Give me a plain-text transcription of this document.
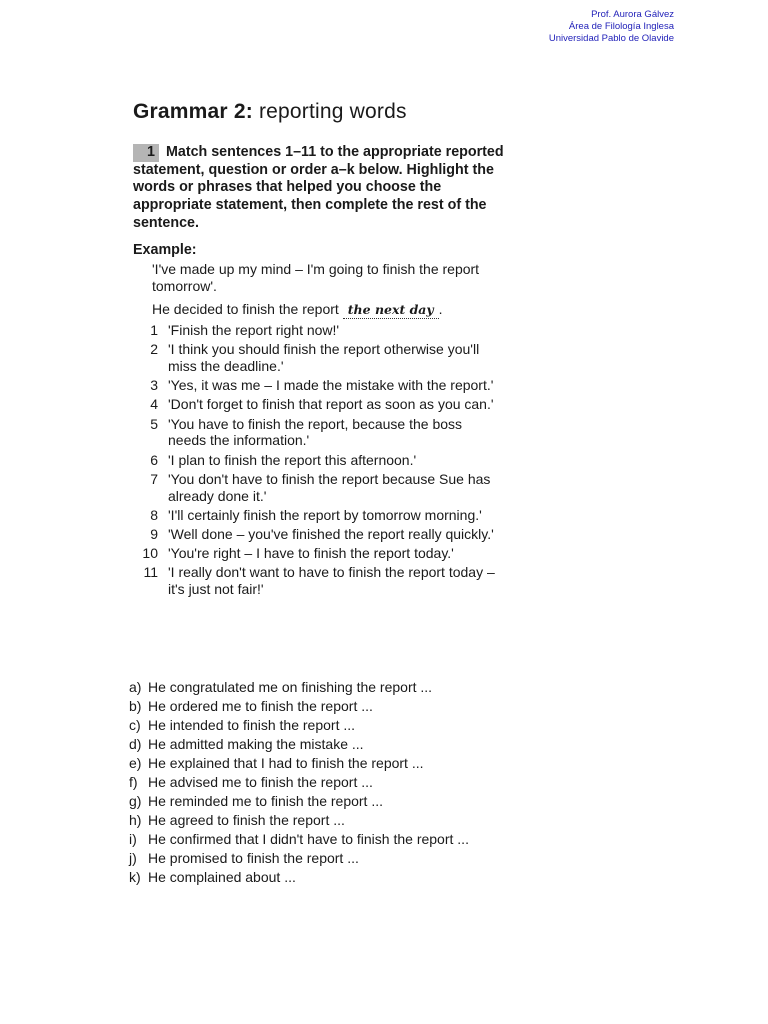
Prof. Aurora Gálvez
Área de Filología Inglesa
Universidad Pablo de Olavide
Grammar 2: reporting words
1 Match sentences 1–11 to the appropriate reported statement, question or order a–k below. Highlight the words or phrases that helped you choose the appropriate statement, then complete the rest of the sentence.
Example:
'I've made up my mind – I'm going to finish the report tomorrow'.
He decided to finish the report the next day .
1 'Finish the report right now!'
2 'I think you should finish the report otherwise you'll miss the deadline.'
3 'Yes, it was me – I made the mistake with the report.'
4 'Don't forget to finish that report as soon as you can.'
5 'You have to finish the report, because the boss needs the information.'
6 'I plan to finish the report this afternoon.'
7 'You don't have to finish the report because Sue has already done it.'
8 'I'll certainly finish the report by tomorrow morning.'
9 'Well done – you've finished the report really quickly.'
10 'You're right – I have to finish the report today.'
11 'I really don't want to have to finish the report today – it's just not fair!'
a) He congratulated me on finishing the report ...
b) He ordered me to finish the report ...
c) He intended to finish the report ...
d) He admitted making the mistake ...
e) He explained that I had to finish the report ...
f) He advised me to finish the report ...
g) He reminded me to finish the report ...
h) He agreed to finish the report ...
i) He confirmed that I didn't have to finish the report ...
j) He promised to finish the report ...
k) He complained about ...
